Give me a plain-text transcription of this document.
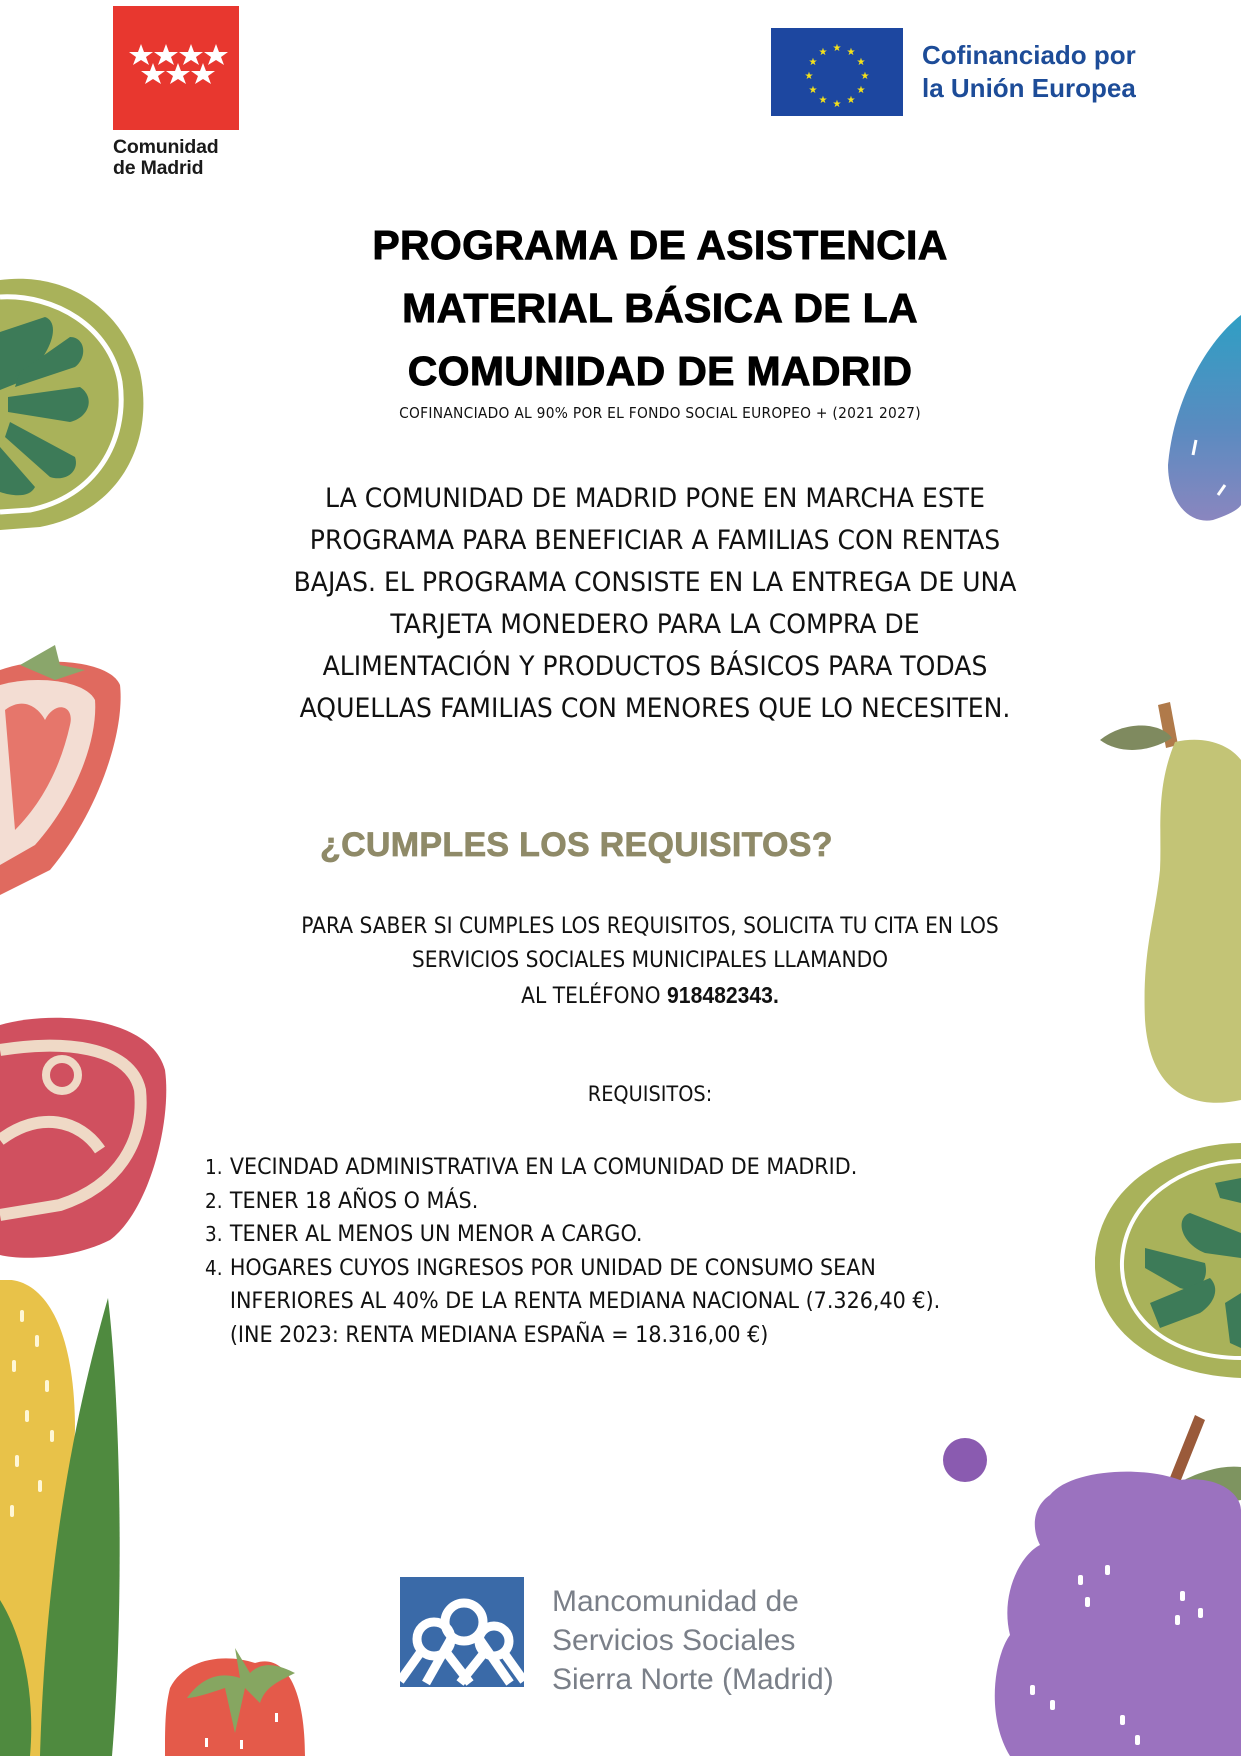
Comunidad
de Madrid
★ ★
★
★
★
★
★
★
★
★
★
★	Cofinanciado por
la Unión Europea
PROGRAMA DE ASISTENCIA
MATERIAL BÁSICA DE LA
COMUNIDAD DE MADRID
COFINANCIADO AL 90% POR EL FONDO SOCIAL EUROPEO + (2021 2027)
LA COMUNIDAD DE MADRID PONE EN MARCHA ESTE
PROGRAMA PARA BENEFICIAR A FAMILIAS CON RENTAS
BAJAS. EL PROGRAMA CONSISTE EN LA ENTREGA DE UNA
TARJETA MONEDERO PARA LA COMPRA DE
ALIMENTACIÓN Y PRODUCTOS BÁSICOS PARA TODAS
AQUELLAS FAMILIAS CON MENORES QUE LO NECESITEN.
¿CUMPLES LOS REQUISITOS?
PARA SABER SI CUMPLES LOS REQUISITOS, SOLICITA TU CITA EN LOS
SERVICIOS SOCIALES MUNICIPALES LLAMANDO
AL TELÉFONO 918482343.
REQUISITOS:
1. VECINDAD ADMINISTRATIVA EN LA COMUNIDAD DE MADRID.
2. TENER 18 AÑOS O MÁS.
3. TENER AL MENOS UN MENOR A CARGO.
4. HOGARES CUYOS INGRESOS POR UNIDAD DE CONSUMO SEAN
INFERIORES AL 40% DE LA RENTA MEDIANA NACIONAL (7.326,40 €).
(INE 2023: RENTA MEDIANA ESPAÑA = 18.316,00 €)
Mancomunidad de
Servicios Sociales
Sierra Norte (Madrid)
